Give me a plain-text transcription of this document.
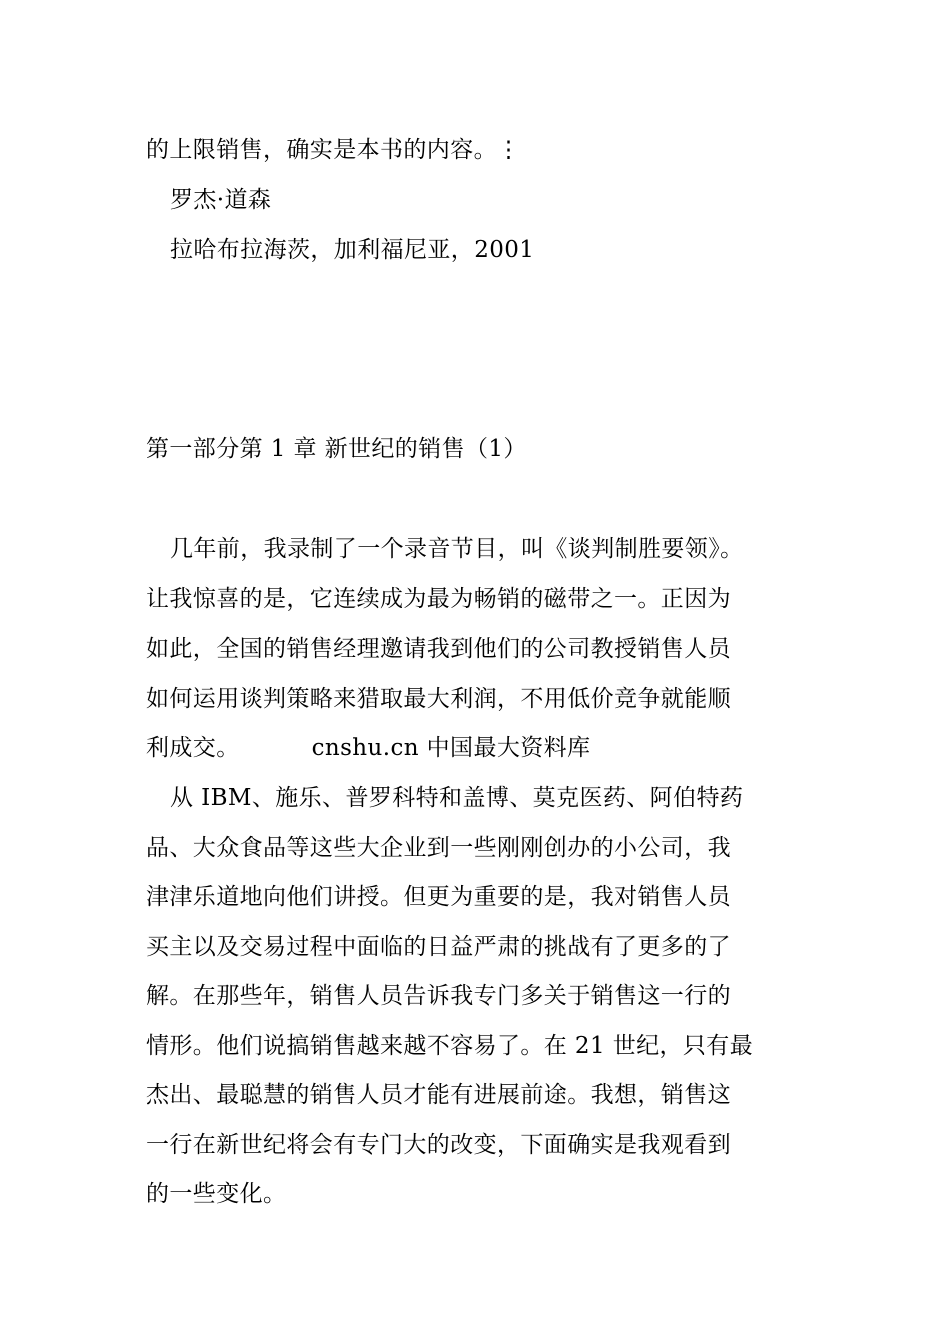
的上限销售，确实是本书的内容。⋮
罗杰·道森
拉哈布拉海茨，加利福尼亚，2001
第一部分第 1 章 新世纪的销售（1）
几年前，我录制了一个录音节目，叫《谈判制胜要领》。
让我惊喜的是，它连续成为最为畅销的磁带之一。正因为
如此，全国的销售经理邀请我到他们的公司教授销售人员
如何运用谈判策略来猎取最大利润，不用低价竞争就能顺
利成交。	cnshu.cn 中国最大资料库
从 IBM、施乐、普罗科特和盖博、莫克医药、阿伯特药
品、大众食品等这些大企业到一些刚刚创办的小公司，我
津津乐道地向他们讲授。但更为重要的是，我对销售人员
买主以及交易过程中面临的日益严肃的挑战有了更多的了
解。在那些年，销售人员告诉我专门多关于销售这一行的
情形。他们说搞销售越来越不容易了。在 21 世纪，只有最
杰出、最聪慧的销售人员才能有进展前途。我想，销售这
一行在新世纪将会有专门大的改变，下面确实是我观看到
的一些变化。
